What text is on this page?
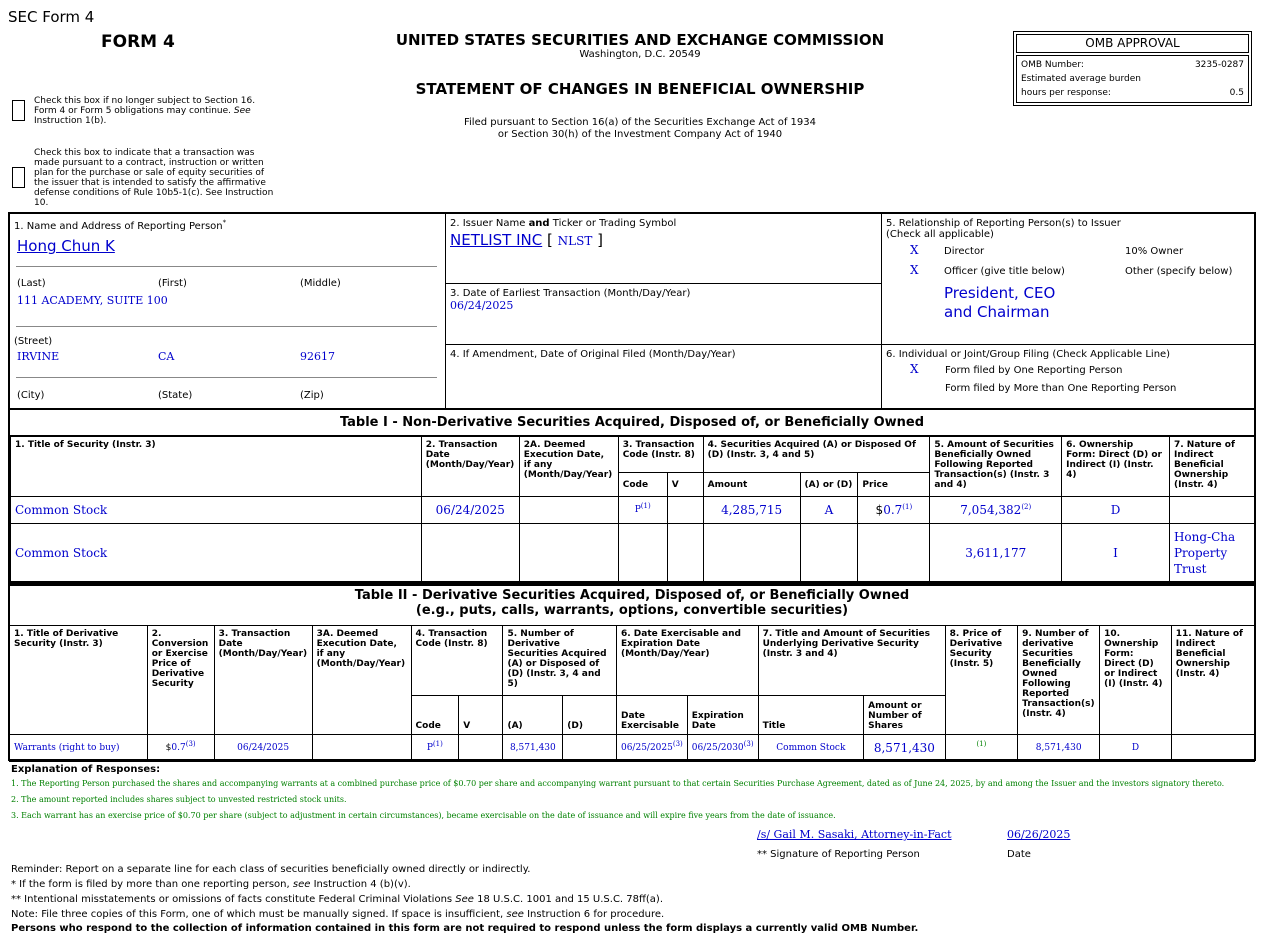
SEC Form 4
FORM 4
Check this box if no longer subject to Section 16. Form 4 or Form 5 obligations may continue. See Instruction 1(b).
Check this box to indicate that a transaction was made pursuant to a contract, instruction or written plan for the purchase or sale of equity securities of the issuer that is intended to satisfy the affirmative defense conditions of Rule 10b5-1(c). See Instruction 10.
UNITED STATES SECURITIES AND EXCHANGE COMMISSION
Washington, D.C. 20549
STATEMENT OF CHANGES IN BENEFICIAL OWNERSHIP
Filed pursuant to Section 16(a) of the Securities Exchange Act of 1934
or Section 30(h) of the Investment Company Act of 1940
OMB APPROVAL
OMB Number:	3235-0287
Estimated average burden
hours per response:	0.5
1. Name and Address of Reporting Person*
Hong Chun K
(Last)	(First)	(Middle)
111 ACADEMY, SUITE 100
(Street)
IRVINE	CA	92617
(City)	(State)	(Zip)
2. Issuer Name and Ticker or Trading Symbol
NETLIST INC [ NLST ]
3. Date of Earliest Transaction (Month/Day/Year)
06/24/2025
4. If Amendment, Date of Original Filed (Month/Day/Year)
5. Relationship of Reporting Person(s) to Issuer
(Check all applicable)
X	Director	10% Owner
X	Officer (give title below)	Other (specify below)
President, CEO
and Chairman
6. Individual or Joint/Group Filing (Check Applicable Line)
X	Form filed by One Reporting Person
Form filed by More than One Reporting Person
Table I - Non-Derivative Securities Acquired, Disposed of, or Beneficially Owned
1. Title of Security (Instr. 3)	2. Transaction Date (Month/Day/Year)	2A. Deemed Execution Date, if any (Month/Day/Year)	3. Transaction Code (Instr. 8)		4. Securities Acquired (A) or Disposed Of (D) (Instr. 3, 4 and 5)			5. Amount of Securities Beneficially Owned Following Reported Transaction(s) (Instr. 3 and 4)	6. Ownership Form: Direct (D) or Indirect (I) (Instr. 4)	7. Nature of Indirect Beneficial Ownership (Instr. 4)
			Code	V	Amount	(A) or (D)	Price			
Common Stock	06/24/2025		$P^{(1)}$		4,285,715	A	$0.7$^{(1)}$	7,054,382$^{(2)}$	D	
Common Stock								3,611,177	I	Hong-Cha
Property
Trust
Table II - Derivative Securities Acquired, Disposed of, or Beneficially Owned
(e.g., puts, calls, warrants, options, convertible securities)
1. Title of Derivative Security (Instr. 3)	2. Conversion or Exercise Price of Derivative Security	3. Transaction Date (Month/Day/Year)	3A. Deemed Execution Date, if any (Month/Day/Year)	4. Transaction Code (Instr. 8)		5. Number of Derivative Securities Acquired (A) or Disposed of (D) (Instr. 3, 4 and 5)		6. Date Exercisable and Expiration Date (Month/Day/Year)		7. Title and Amount of Securities Underlying Derivative Security (Instr. 3 and 4)		8. Price of Derivative Security (Instr. 5)	9. Number of derivative Securities Beneficially Owned Following Reported Transaction(s) (Instr. 4)	10. Ownership Form: Direct (D) or Indirect (I) (Instr. 4)	11. Nature of Indirect Beneficial Ownership (Instr. 4)
				Code	V	(A)	(D)	Date Exercisable	Expiration Date	Title	Amount or Number of Shares				
Warrants (right to buy)	$0.7$^{(3)}$	06/24/2025		$P^{(1)}$		8,571,430		06/25/2025$^{(3)}$	06/25/2030$^{(3)}$	Common Stock	8,571,430	$^{(1)}$	8,571,430	D	
Explanation of Responses:
1. The Reporting Person purchased the shares and accompanying warrants at a combined purchase price of $0.70 per share and accompanying warrant pursuant to that certain Securities Purchase Agreement, dated as of June 24, 2025, by and among the Issuer and the investors signatory thereto.
2. The amount reported includes shares subject to unvested restricted stock units.
3. Each warrant has an exercise price of $0.70 per share (subject to adjustment in certain circumstances), became exercisable on the date of issuance and will expire five years from the date of issuance.
/s/ Gail M. Sasaki, Attorney-in-Fact	06/26/2025
** Signature of Reporting Person	Date
Reminder: Report on a separate line for each class of securities beneficially owned directly or indirectly.
* If the form is filed by more than one reporting person, see Instruction 4 (b)(v).
** Intentional misstatements or omissions of facts constitute Federal Criminal Violations See 18 U.S.C. 1001 and 15 U.S.C. 78ff(a).
Note: File three copies of this Form, one of which must be manually signed. If space is insufficient, see Instruction 6 for procedure.
Persons who respond to the collection of information contained in this form are not required to respond unless the form displays a currently valid OMB Number.
